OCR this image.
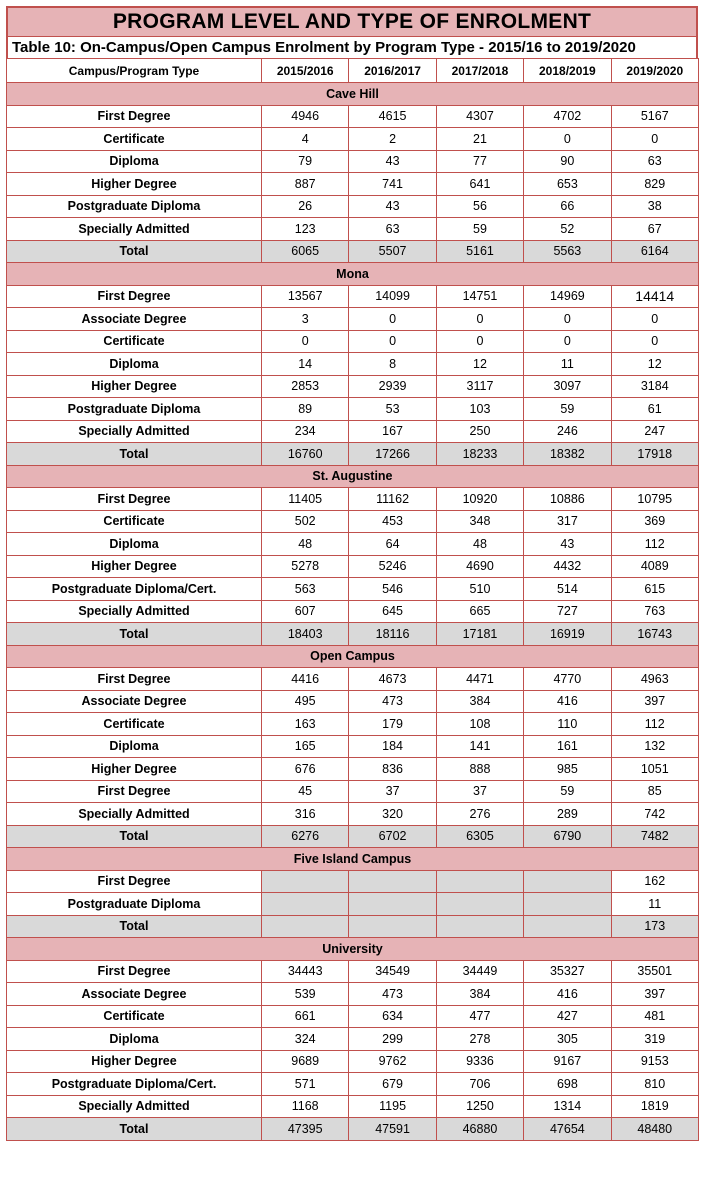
PROGRAM LEVEL AND TYPE OF ENROLMENT
Table 10: On-Campus/Open Campus Enrolment by Program Type - 2015/16 to 2019/2020
Campus/Program Type	2015/2016	2016/2017	2017/2018	2018/2019	2019/2020
Cave Hill					
First Degree	4946	4615	4307	4702	5167
Certificate	4	2	21	0	0
Diploma	79	43	77	90	63
Higher Degree	887	741	641	653	829
Postgraduate Diploma	26	43	56	66	38
Specially Admitted	123	63	59	52	67
Total	6065	5507	5161	5563	6164
Mona					
First Degree	13567	14099	14751	14969	14414
Associate Degree	3	0	0	0	0
Certificate	0	0	0	0	0
Diploma	14	8	12	11	12
Higher Degree	2853	2939	3117	3097	3184
Postgraduate Diploma	89	53	103	59	61
Specially Admitted	234	167	250	246	247
Total	16760	17266	18233	18382	17918
St. Augustine					
First Degree	11405	11162	10920	10886	10795
Certificate	502	453	348	317	369
Diploma	48	64	48	43	112
Higher Degree	5278	5246	4690	4432	4089
Postgraduate Diploma/Cert.	563	546	510	514	615
Specially Admitted	607	645	665	727	763
Total	18403	18116	17181	16919	16743
Open Campus					
First Degree	4416	4673	4471	4770	4963
Associate Degree	495	473	384	416	397
Certificate	163	179	108	110	112
Diploma	165	184	141	161	132
Higher Degree	676	836	888	985	1051
First Degree	45	37	37	59	85
Specially Admitted	316	320	276	289	742
Total	6276	6702	6305	6790	7482
Five Island Campus					
First Degree					162
Postgraduate Diploma					11
Total					173
University					
First Degree	34443	34549	34449	35327	35501
Associate Degree	539	473	384	416	397
Certificate	661	634	477	427	481
Diploma	324	299	278	305	319
Higher Degree	9689	9762	9336	9167	9153
Postgraduate Diploma/Cert.	571	679	706	698	810
Specially Admitted	1168	1195	1250	1314	1819
Total	47395	47591	46880	47654	48480
